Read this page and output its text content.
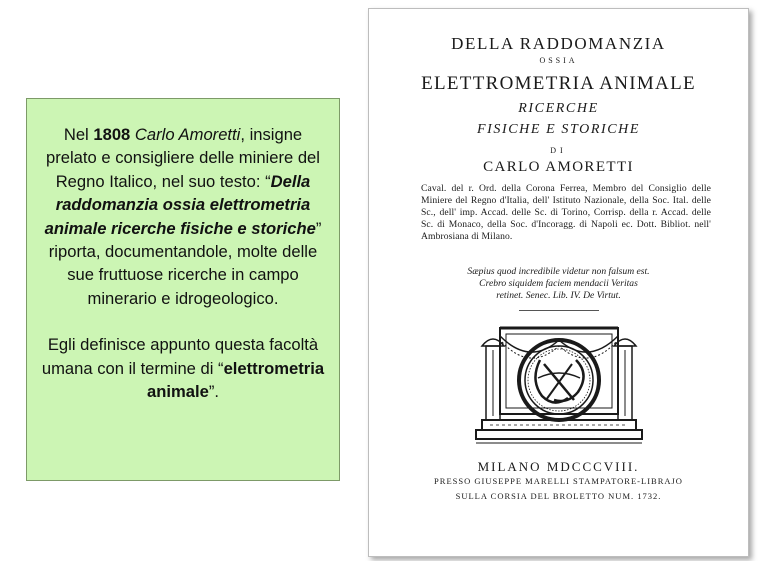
Nel 1808 Carlo Amoretti, insigne prelato e consigliere delle miniere del Regno Italico, nel suo testo: “Della raddomanzia ossia elettrometria animale ricerche fisiche e storiche” riporta, documentandole, molte delle sue fruttuose ricerche in campo minerario e idrogeologico.

Egli definisce appunto questa facoltà umana con il termine di “elettrometria animale”.

DELLA RADDOMANZIA
OSSIA
ELETTROMETRIA ANIMALE
RICERCHE
FISICHE E STORICHE
DI
CARLO AMORETTI
Caval. del r. Ord. della Corona Ferrea, Membro del Consiglio delle Miniere del Regno d'Italia, dell' Istituto Nazionale, della Soc. Ital. delle Sc., dell' imp. Accad. delle Sc. di Torino, Corrisp. della r. Accad. delle Sc. di Monaco, della Soc. d'Incoragg. di Napoli ec. Dott. Bibliot. nell' Ambrosiana di Milano.
Sæpius quod incredibile videtur non falsum est.
Crebro siquidem faciem mendacii Veritas
retinet. Senec. Lib. IV. De Virtut.
MILANO MDCCCVIII.
PRESSO GIUSEPPE MARELLI STAMPATORE-LIBRAJO
SULLA CORSIA DEL BROLETTO NUM. 1732.
